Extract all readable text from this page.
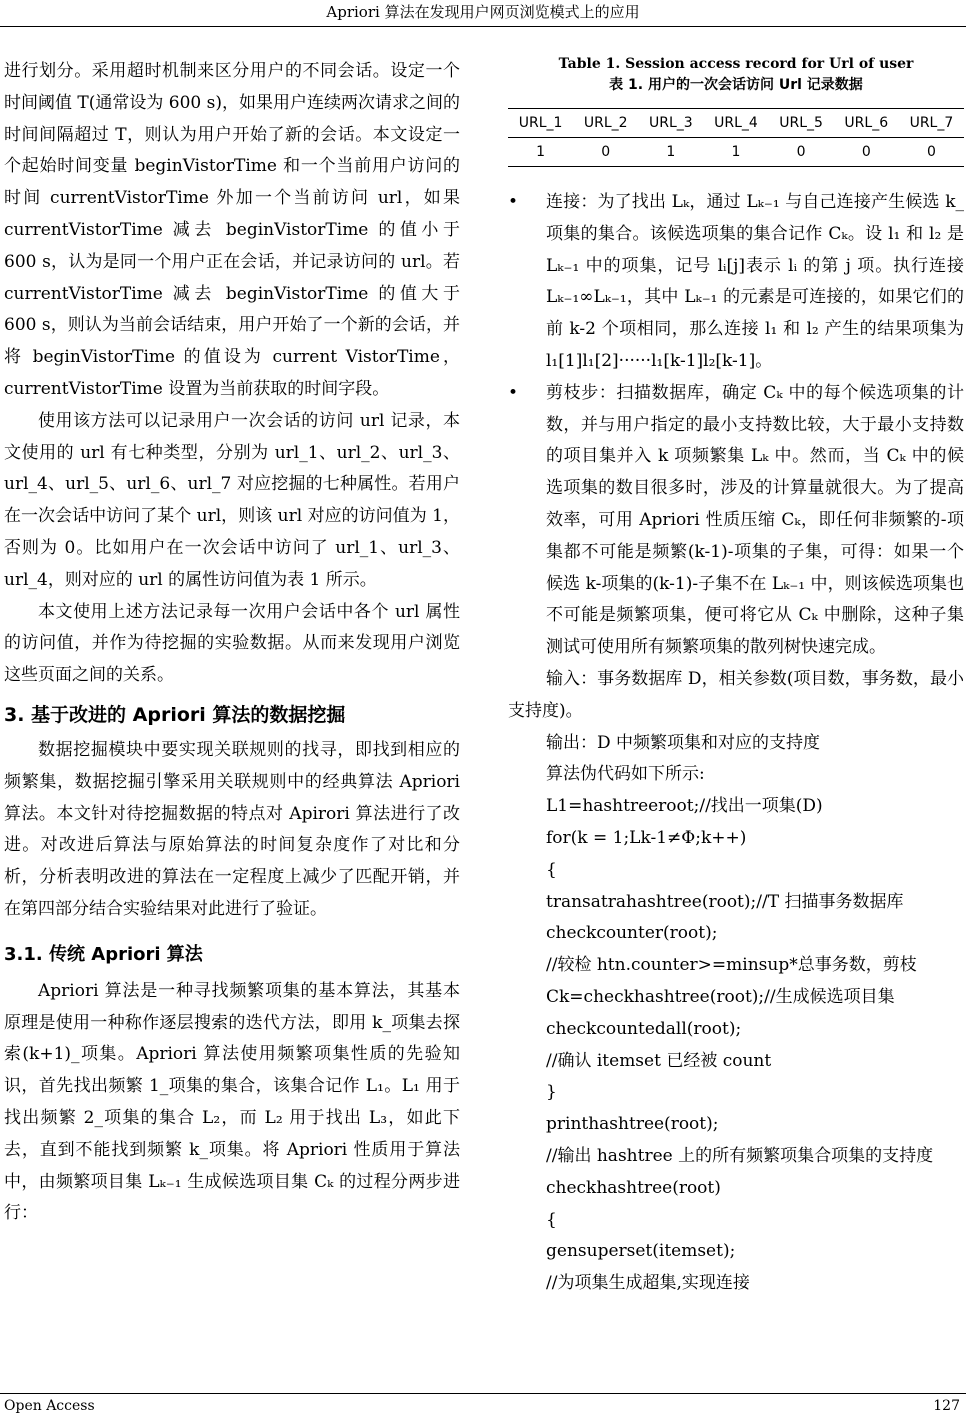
Apriori 算法在发现用户网页浏览模式上的应用

进行划分。采用超时机制来区分用户的不同会话。设定一个时间阈值 T(通常设为 600 s)，如果用户连续两次请求之间的时间间隔超过 T，则认为用户开始了新的会话。本文设定一个起始时间变量 beginVistorTime 和一个当前用户访问的时间 currentVistorTime 外加一个当前访问 url，如果 currentVistorTime 减去 beginVistorTime 的值小于 600 s，认为是同一个用户正在会话，并记录访问的 url。若 currentVistorTime 减去 beginVistorTime 的值大于 600 s，则认为当前会话结束，用户开始了一个新的会话，并将 beginVistorTime 的值设为 current VistorTime，currentVistorTime 设置为当前获取的时间字段。

使用该方法可以记录用户一次会话的访问 url 记录，本文使用的 url 有七种类型，分别为 url_1、url_2、url_3、url_4、url_5、url_6、url_7 对应挖掘的七种属性。若用户在一次会话中访问了某个 url，则该 url 对应的访问值为 1，否则为 0。比如用户在一次会话中访问了 url_1、url_3、url_4，则对应的 url 的属性访问值为表 1 所示。

本文使用上述方法记录每一次用户会话中各个 url 属性的访问值，并作为待挖掘的实验数据。从而来发现用户浏览这些页面之间的关系。

3. 基于改进的 Apriori 算法的数据挖掘

数据挖掘模块中要实现关联规则的找寻，即找到相应的频繁集，数据挖掘引擎采用关联规则中的经典算法 Apriori 算法。本文针对待挖掘数据的特点对 Apirori 算法进行了改进。对改进后算法与原始算法的时间复杂度作了对比和分析，分析表明改进的算法在一定程度上减少了匹配开销，并在第四部分结合实验结果对此进行了验证。

3.1. 传统 Apriori 算法

Apriori 算法是一种寻找频繁项集的基本算法，其基本原理是使用一种称作逐层搜索的迭代方法，即用 k_项集去探索(k+1)_项集。Apriori 算法使用频繁项集性质的先验知识，首先找出频繁 1_项集的集合，该集合记作 L₁。L₁ 用于找出频繁 2_项集的集合 L₂，而 L₂ 用于找出 L₃，如此下去，直到不能找到频繁 k_项集。将 Apriori 性质用于算法中，由频繁项目集 Lₖ₋₁ 生成候选项目集 Cₖ 的过程分两步进行：

Table 1. Session access record for Url of user

表 1. 用户的一次会话访问 Url 记录数据

URL_1	URL_2	URL_3	URL_4	URL_5	URL_6	URL_7
1	0	1	1	0	0	0
• 连接：为了找出 Lₖ，通过 Lₖ₋₁ 与自己连接产生候选 k_项集的集合。该候选项集的集合记作 Cₖ。设 l₁ 和 l₂ 是 Lₖ₋₁ 中的项集，记号 lᵢ[j]表示 lᵢ 的第 j 项。执行连接 Lₖ₋₁∞Lₖ₋₁，其中 Lₖ₋₁ 的元素是可连接的，如果它们的前 k-2 个项相同，那么连接 l₁ 和 l₂ 产生的结果项集为 l₁[1]l₁[2]······l₁[k-1]l₂[k-1]。
• 剪枝步：扫描数据库，确定 Cₖ 中的每个候选项集的计数，并与用户指定的最小支持数比较，大于最小支持数的项目集并入 k 项频繁集 Lₖ 中。然而，当 Cₖ 中的候选项集的数目很多时，涉及的计算量就很大。为了提高效率，可用 Apriori 性质压缩 Cₖ，即任何非频繁的-项集都不可能是频繁(k-1)-项集的子集，可得：如果一个候选 k-项集的(k-1)-子集不在 Lₖ₋₁ 中，则该候选项集也不可能是频繁项集，便可将它从 Cₖ 中删除，这种子集测试可使用所有频繁项集的散列树快速完成。

输入：事务数据库 D，相关参数(项目数，事务数，最小支持度)。

输出：D 中频繁项集和对应的支持度

算法伪代码如下所示:

L1=hashtreeroot;//找出一项集(D)
for(k = 1;Lk-1≠Φ;k++)
{
transatrahashtree(root);//T 扫描事务数据库
checkcounter(root);
//较检 htn.counter>=minsup*总事务数，剪枝
Ck=checkhashtree(root);//生成候选项目集
checkcountedall(root);
//确认 itemset 已经被 count
}
printhashtree(root);
//输出 hashtree 上的所有频繁项集合项集的支持度
checkhashtree(root)
{
gensuperset(itemset);
//为项集生成超集,实现连接
Open Access	127
